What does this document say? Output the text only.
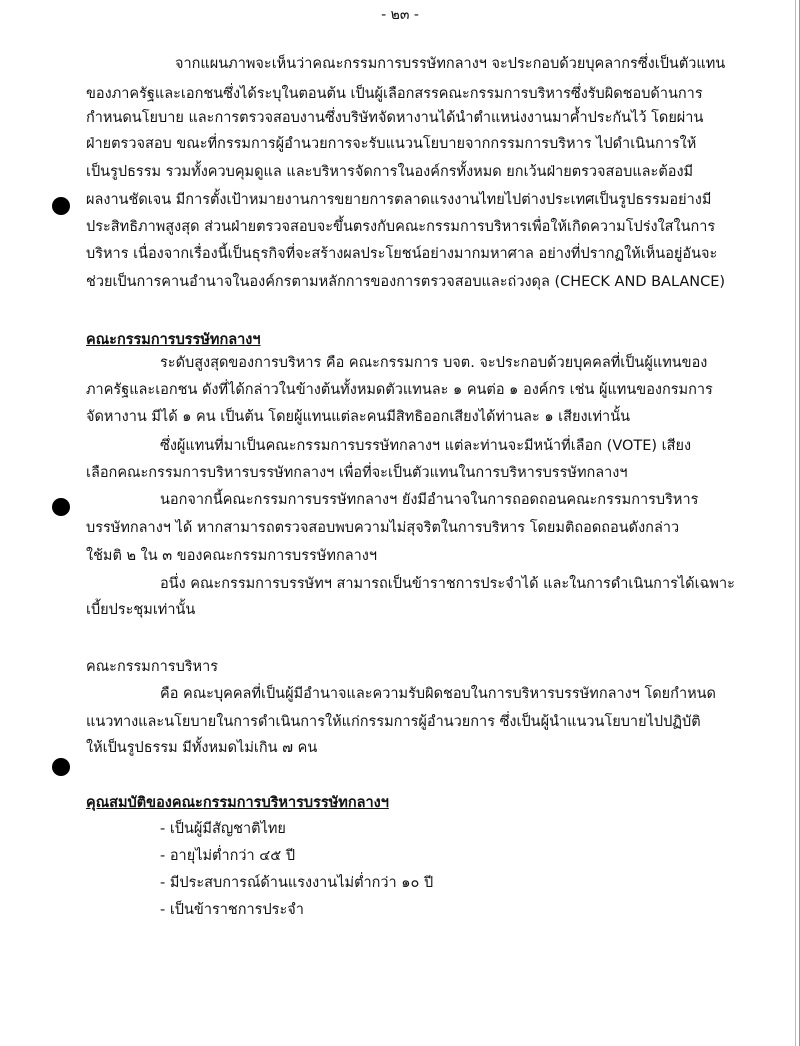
- ๒๓ -
จากแผนภาพจะเห็นว่าคณะกรรมการบรรษัทกลางฯ จะประกอบด้วยบุคลากรซึ่งเป็นตัวแทน
ของภาครัฐและเอกชนซึ่งได้ระบุในตอนต้น เป็นผู้เลือกสรรคณะกรรมการบริหารซึ่งรับผิดชอบด้านการ
กำหนดนโยบาย และการตรวจสอบงานซึ่งบริษัทจัดหางานได้นำตำแหน่งงานมาค้ำประกันไว้ โดยผ่าน
ฝ่ายตรวจสอบ ขณะที่กรรมการผู้อำนวยการจะรับแนวนโยบายจากกรรมการบริหาร ไปดำเนินการให้
เป็นรูปธรรม รวมทั้งควบคุมดูแล และบริหารจัดการในองค์กรทั้งหมด ยกเว้นฝ่ายตรวจสอบและต้องมี
ผลงานชัดเจน มีการตั้งเป้าหมายงานการขยายการตลาดแรงงานไทยไปต่างประเทศเป็นรูปธรรมอย่างมี
ประสิทธิภาพสูงสุด ส่วนฝ่ายตรวจสอบจะขึ้นตรงกับคณะกรรมการบริหารเพื่อให้เกิดความโปร่งใสในการ
บริหาร เนื่องจากเรื่องนี้เป็นธุรกิจที่จะสร้างผลประโยชน์อย่างมากมหาศาล อย่างที่ปรากฏให้เห็นอยู่อันจะ
ช่วยเป็นการคานอำนาจในองค์กรตามหลักการของการตรวจสอบและถ่วงดุล (CHECK AND BALANCE)
คณะกรรมการบรรษัทกลางฯ
ระดับสูงสุดของการบริหาร คือ คณะกรรมการ บจต. จะประกอบด้วยบุคคลที่เป็นผู้แทนของ
ภาครัฐและเอกชน ดังที่ได้กล่าวในข้างต้นทั้งหมดตัวแทนละ ๑ คนต่อ ๑ องค์กร เช่น ผู้แทนของกรมการ
จัดหางาน มีได้ ๑ คน เป็นต้น โดยผู้แทนแต่ละคนมีสิทธิออกเสียงได้ท่านละ ๑ เสียงเท่านั้น
ซึ่งผู้แทนที่มาเป็นคณะกรรมการบรรษัทกลางฯ แต่ละท่านจะมีหน้าที่เลือก (VOTE) เสียง
เลือกคณะกรรมการบริหารบรรษัทกลางฯ เพื่อที่จะเป็นตัวแทนในการบริหารบรรษัทกลางฯ
นอกจากนี้คณะกรรมการบรรษัทกลางฯ ยังมีอำนาจในการถอดถอนคณะกรรมการบริหาร
บรรษัทกลางฯ ได้ หากสามารถตรวจสอบพบความไม่สุจริตในการบริหาร โดยมติถอดถอนดังกล่าว
ใช้มติ ๒ ใน ๓ ของคณะกรรมการบรรษัทกลางฯ
อนึ่ง คณะกรรมการบรรษัทฯ สามารถเป็นข้าราชการประจำได้ และในการดำเนินการได้เฉพาะ
เบี้ยประชุมเท่านั้น
คณะกรรมการบริหาร
คือ คณะบุคคลที่เป็นผู้มีอำนาจและความรับผิดชอบในการบริหารบรรษัทกลางฯ โดยกำหนด
แนวทางและนโยบายในการดำเนินการให้แก่กรรมการผู้อำนวยการ ซึ่งเป็นผู้นำแนวนโยบายไปปฏิบัติ
ให้เป็นรูปธรรม มีทั้งหมดไม่เกิน ๗ คน
คุณสมบัติของคณะกรรมการบริหารบรรษัทกลางฯ
- เป็นผู้มีสัญชาติไทย
- อายุไม่ต่ำกว่า ๔๕ ปี
- มีประสบการณ์ด้านแรงงานไม่ต่ำกว่า ๑๐ ปี
- เป็นข้าราชการประจำ
